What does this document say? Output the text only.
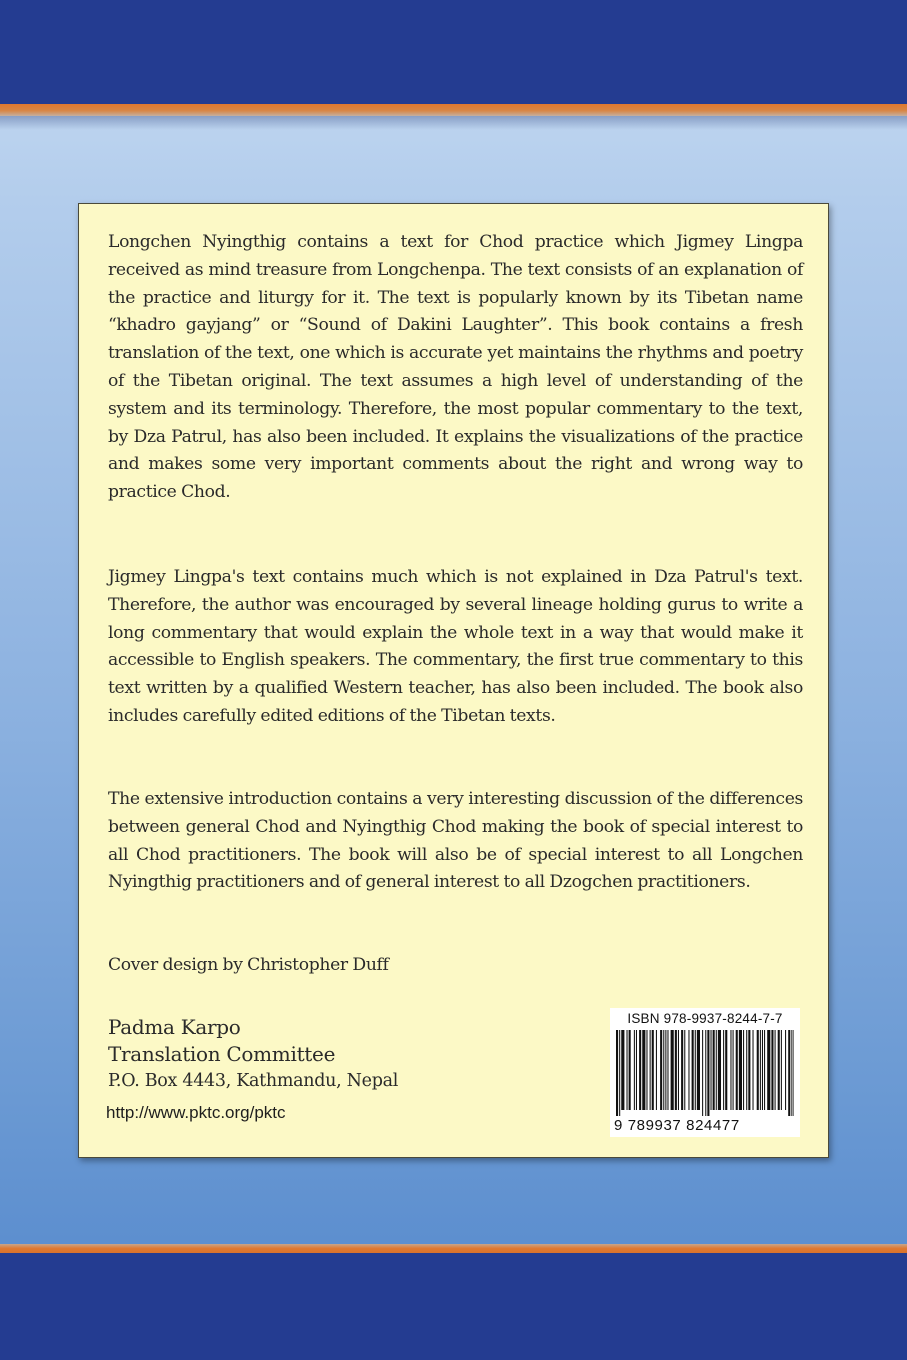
Longchen Nyingthig contains a text for Chod practice which Jigmey Lingpa received as mind treasure from Longchenpa. The text consists of an explanation of the practice and liturgy for it. The text is popularly known by its Tibetan name “khadro gayjang” or “Sound of Dakini Laughter”. This book contains a fresh translation of the text, one which is accurate yet maintains the rhythms and poetry of the Tibetan original. The text assumes a high level of understanding of the system and its terminology. Therefore, the most popular commentary to the text, by Dza Patrul, has also been included. It explains the visualizations of the practice and makes some very important comments about the right and wrong way to practice Chod.

Jigmey Lingpa's text contains much which is not explained in Dza Patrul's text. Therefore, the author was encouraged by several lineage holding gurus to write a long commentary that would explain the whole text in a way that would make it accessible to English speakers. The commentary, the first true commentary to this text written by a qualified Western teacher, has also been included. The book also includes carefully edited editions of the Tibetan texts.

The extensive introduction contains a very interesting discussion of the differences between general Chod and Nyingthig Chod making the book of special interest to all Chod practitioners. The book will also be of special interest to all Longchen Nyingthig practitioners and of general interest to all Dzogchen practitioners.

Cover design by Christopher Duff

Padma Karpo
Translation Committee
P.O. Box 4443, Kathmandu, Nepal
http://www.pktc.org/pktc
ISBN 978-9937-8244-7-7
9 789937 824477
